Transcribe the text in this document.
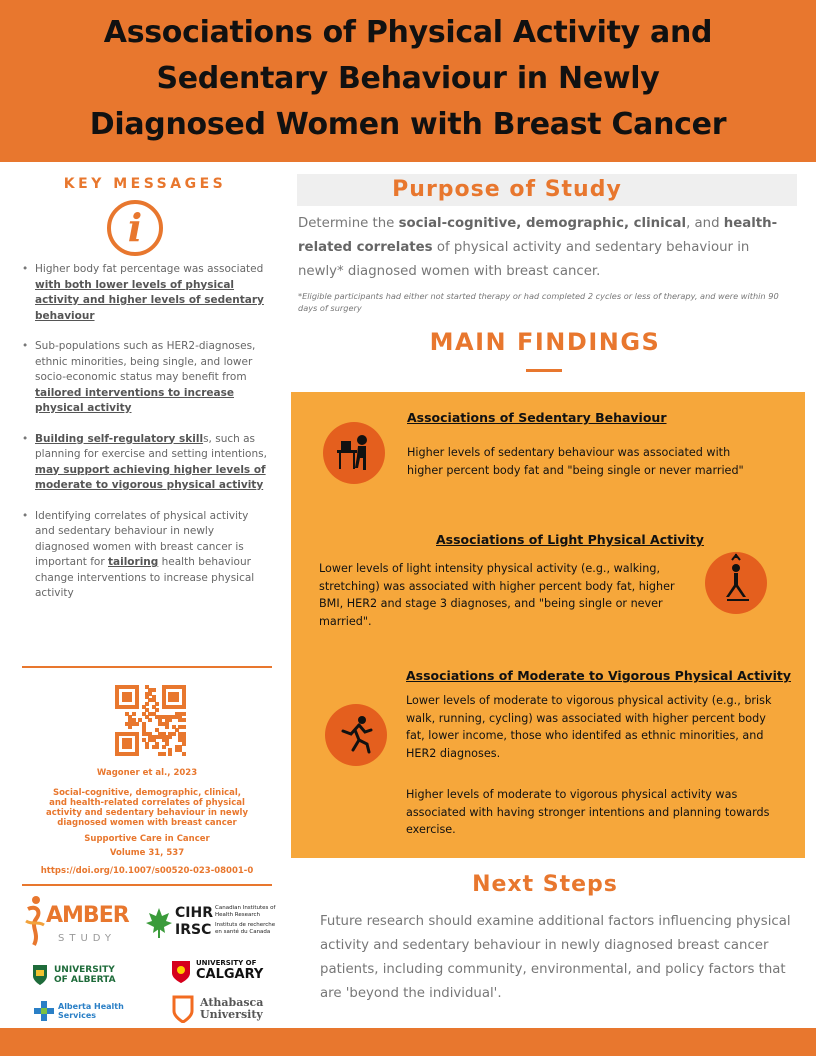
Associations of Physical Activity and
Sedentary Behaviour in Newly
Diagnosed Women with Breast Cancer
KEY MESSAGES
i
• Higher body fat percentage was associated with both lower levels of physical activity and higher levels of sedentary behaviour
• Sub-populations such as HER2-diagnoses, ethnic minorities, being single, and lower socio-economic status may benefit from tailored interventions to increase physical activity
• Building self-regulatory skills, such as planning for exercise and setting intentions, may support achieving higher levels of moderate to vigorous physical activity
• Identifying correlates of physical activity and sedentary behaviour in newly diagnosed women with breast cancer is important for tailoring health behaviour change interventions to increase physical activity
Wagoner et al., 2023
Social-cognitive, demographic, clinical,
and health-related correlates of physical
activity and sedentary behaviour in newly
diagnosed women with breast cancer
Supportive Care in Cancer
Volume 31, 537
https://doi.org/10.1007/s00520-023-08001-0
AMBER
STUDY
CIHR
IRSC
Canadian Institutes of
Health Research
Instituts de recherche
en santé du Canada
UNIVERSITY
OF ALBERTA
UNIVERSITY OF
CALGARY
Alberta Health
Services
Athabasca
University
Purpose of Study
Determine the social-cognitive, demographic, clinical, and health-related correlates of physical activity and sedentary behaviour in newly* diagnosed women with breast cancer.
*Eligible participants had either not started therapy or had completed 2 cycles or less of therapy, and were within 90 days of surgery
MAIN FINDINGS
Associations of Sedentary Behaviour
Higher levels of sedentary behaviour was associated with higher percent body fat and "being single or never married"
Associations of Light Physical Activity
Lower levels of light intensity physical activity (e.g., walking, stretching) was associated with higher percent body fat, higher BMI, HER2 and stage 3 diagnoses, and "being single or never married".
Associations of Moderate to Vigorous Physical Activity
Lower levels of moderate to vigorous physical activity (e.g., brisk walk, running, cycling) was associated with higher percent body fat, lower income, those who identifed as ethnic minorities, and HER2 diagnoses.
Higher levels of moderate to vigorous physical activity was associated with having stronger intentions and planning towards exercise.
Next Steps
Future research should examine additional factors influencing physical activity and sedentary behaviour in newly diagnosed breast cancer patients, including community, environmental, and policy factors that are 'beyond the individual'.
